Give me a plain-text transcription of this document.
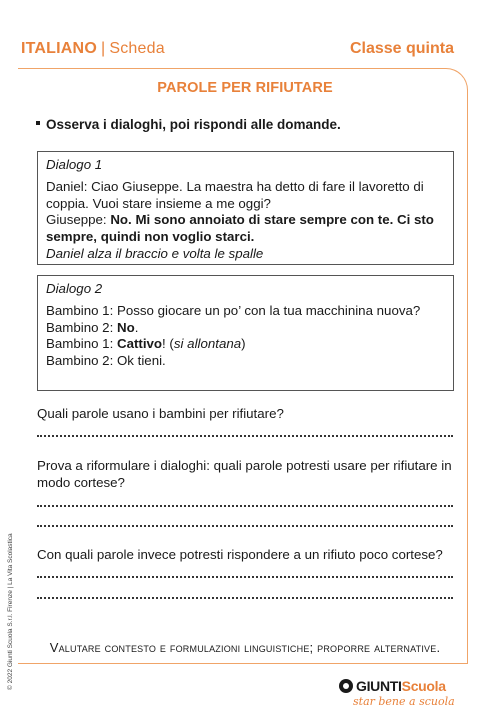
ITALIANO | Scheda	Classe quinta
PAROLE PER RIFIUTARE
Osserva i dialoghi, poi rispondi alle domande.
Dialogo 1
Daniel: Ciao Giuseppe. La maestra ha detto di fare il lavoretto di coppia. Vuoi stare insieme a me oggi?
Giuseppe: No. Mi sono annoiato di stare sempre con te. Ci sto sempre, quindi non voglio starci.
Daniel alza il braccio e volta le spalle
Dialogo 2
Bambino 1: Posso giocare un po’ con la tua macchinina nuova?
Bambino 2: No.
Bambino 1: Cattivo! (si allontana)
Bambino 2: Ok tieni.
Quali parole usano i bambini per rifiutare?
Prova a riformulare i dialoghi: quali parole potresti usare per rifiutare in modo cortese?
Con quali parole invece potresti rispondere a un rifiuto poco cortese?
Valutare contesto e formulazioni linguistiche; proporre alternative.
© 2022 Giunti Scuola S.r.l. Firenze | La Vita Scolastica	GIUNTI Scuola
star bene a scuola
